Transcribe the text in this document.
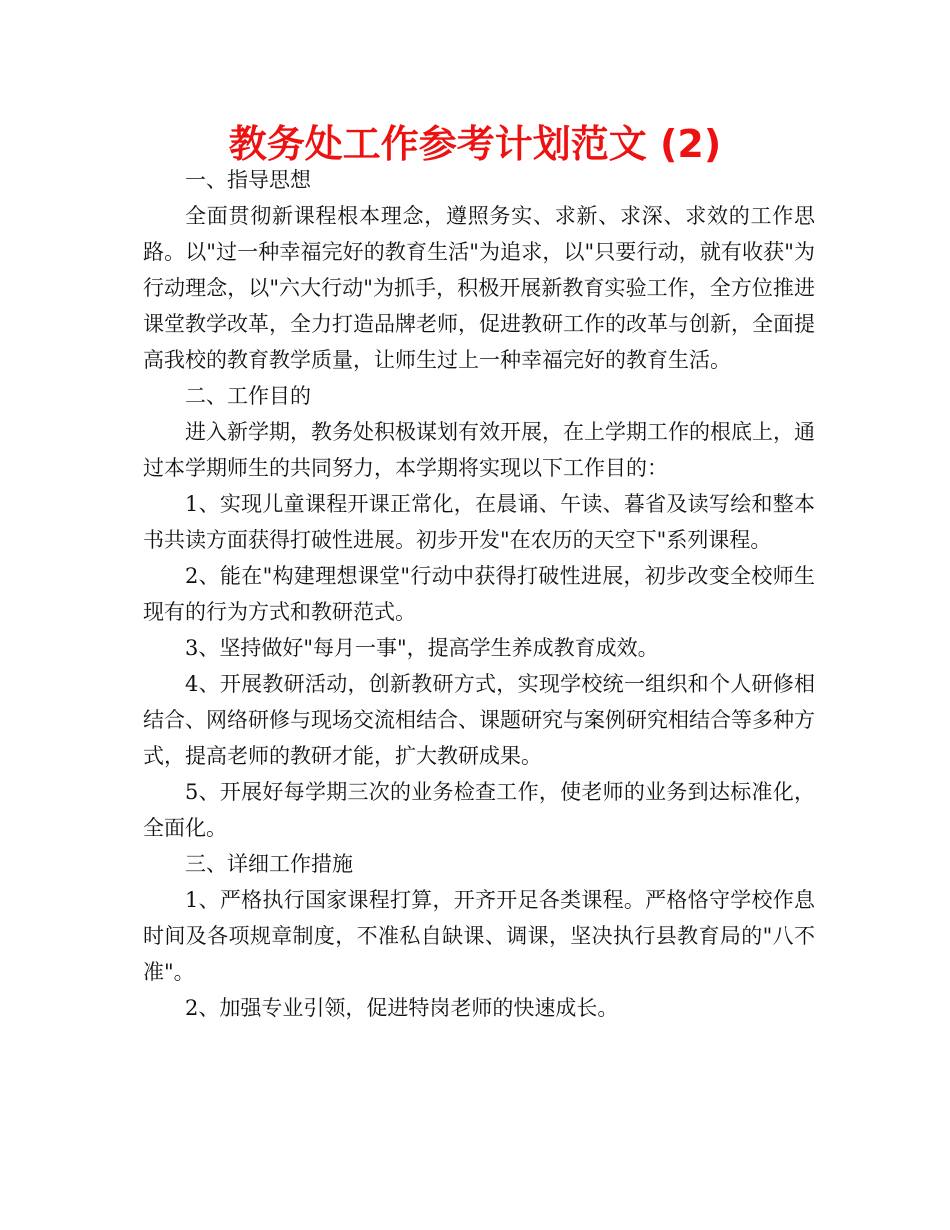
教务处工作参考计划范文 (2)

一、指导思想

全面贯彻新课程根本理念，遵照务实、求新、求深、求效的工作思路。以"过一种幸福完好的教育生活"为追求，以"只要行动，就有收获"为行动理念，以"六大行动"为抓手，积极开展新教育实验工作，全方位推进课堂教学改革，全力打造品牌老师，促进教研工作的改革与创新，全面提高我校的教育教学质量，让师生过上一种幸福完好的教育生活。

二、工作目的

进入新学期，教务处积极谋划有效开展，在上学期工作的根底上，通过本学期师生的共同努力，本学期将实现以下工作目的：

1、实现儿童课程开课正常化，在晨诵、午读、暮省及读写绘和整本书共读方面获得打破性进展。初步开发"在农历的天空下"系列课程。

2、能在"构建理想课堂"行动中获得打破性进展，初步改变全校师生现有的行为方式和教研范式。

3、坚持做好"每月一事"，提高学生养成教育成效。

4、开展教研活动，创新教研方式，实现学校统一组织和个人研修相结合、网络研修与现场交流相结合、课题研究与案例研究相结合等多种方式，提高老师的教研才能，扩大教研成果。

5、开展好每学期三次的业务检查工作，使老师的业务到达标准化，全面化。

三、详细工作措施

1、严格执行国家课程打算，开齐开足各类课程。严格恪守学校作息时间及各项规章制度，不准私自缺课、调课，坚决执行县教育局的"八不准"。

2、加强专业引领，促进特岗老师的快速成长。
